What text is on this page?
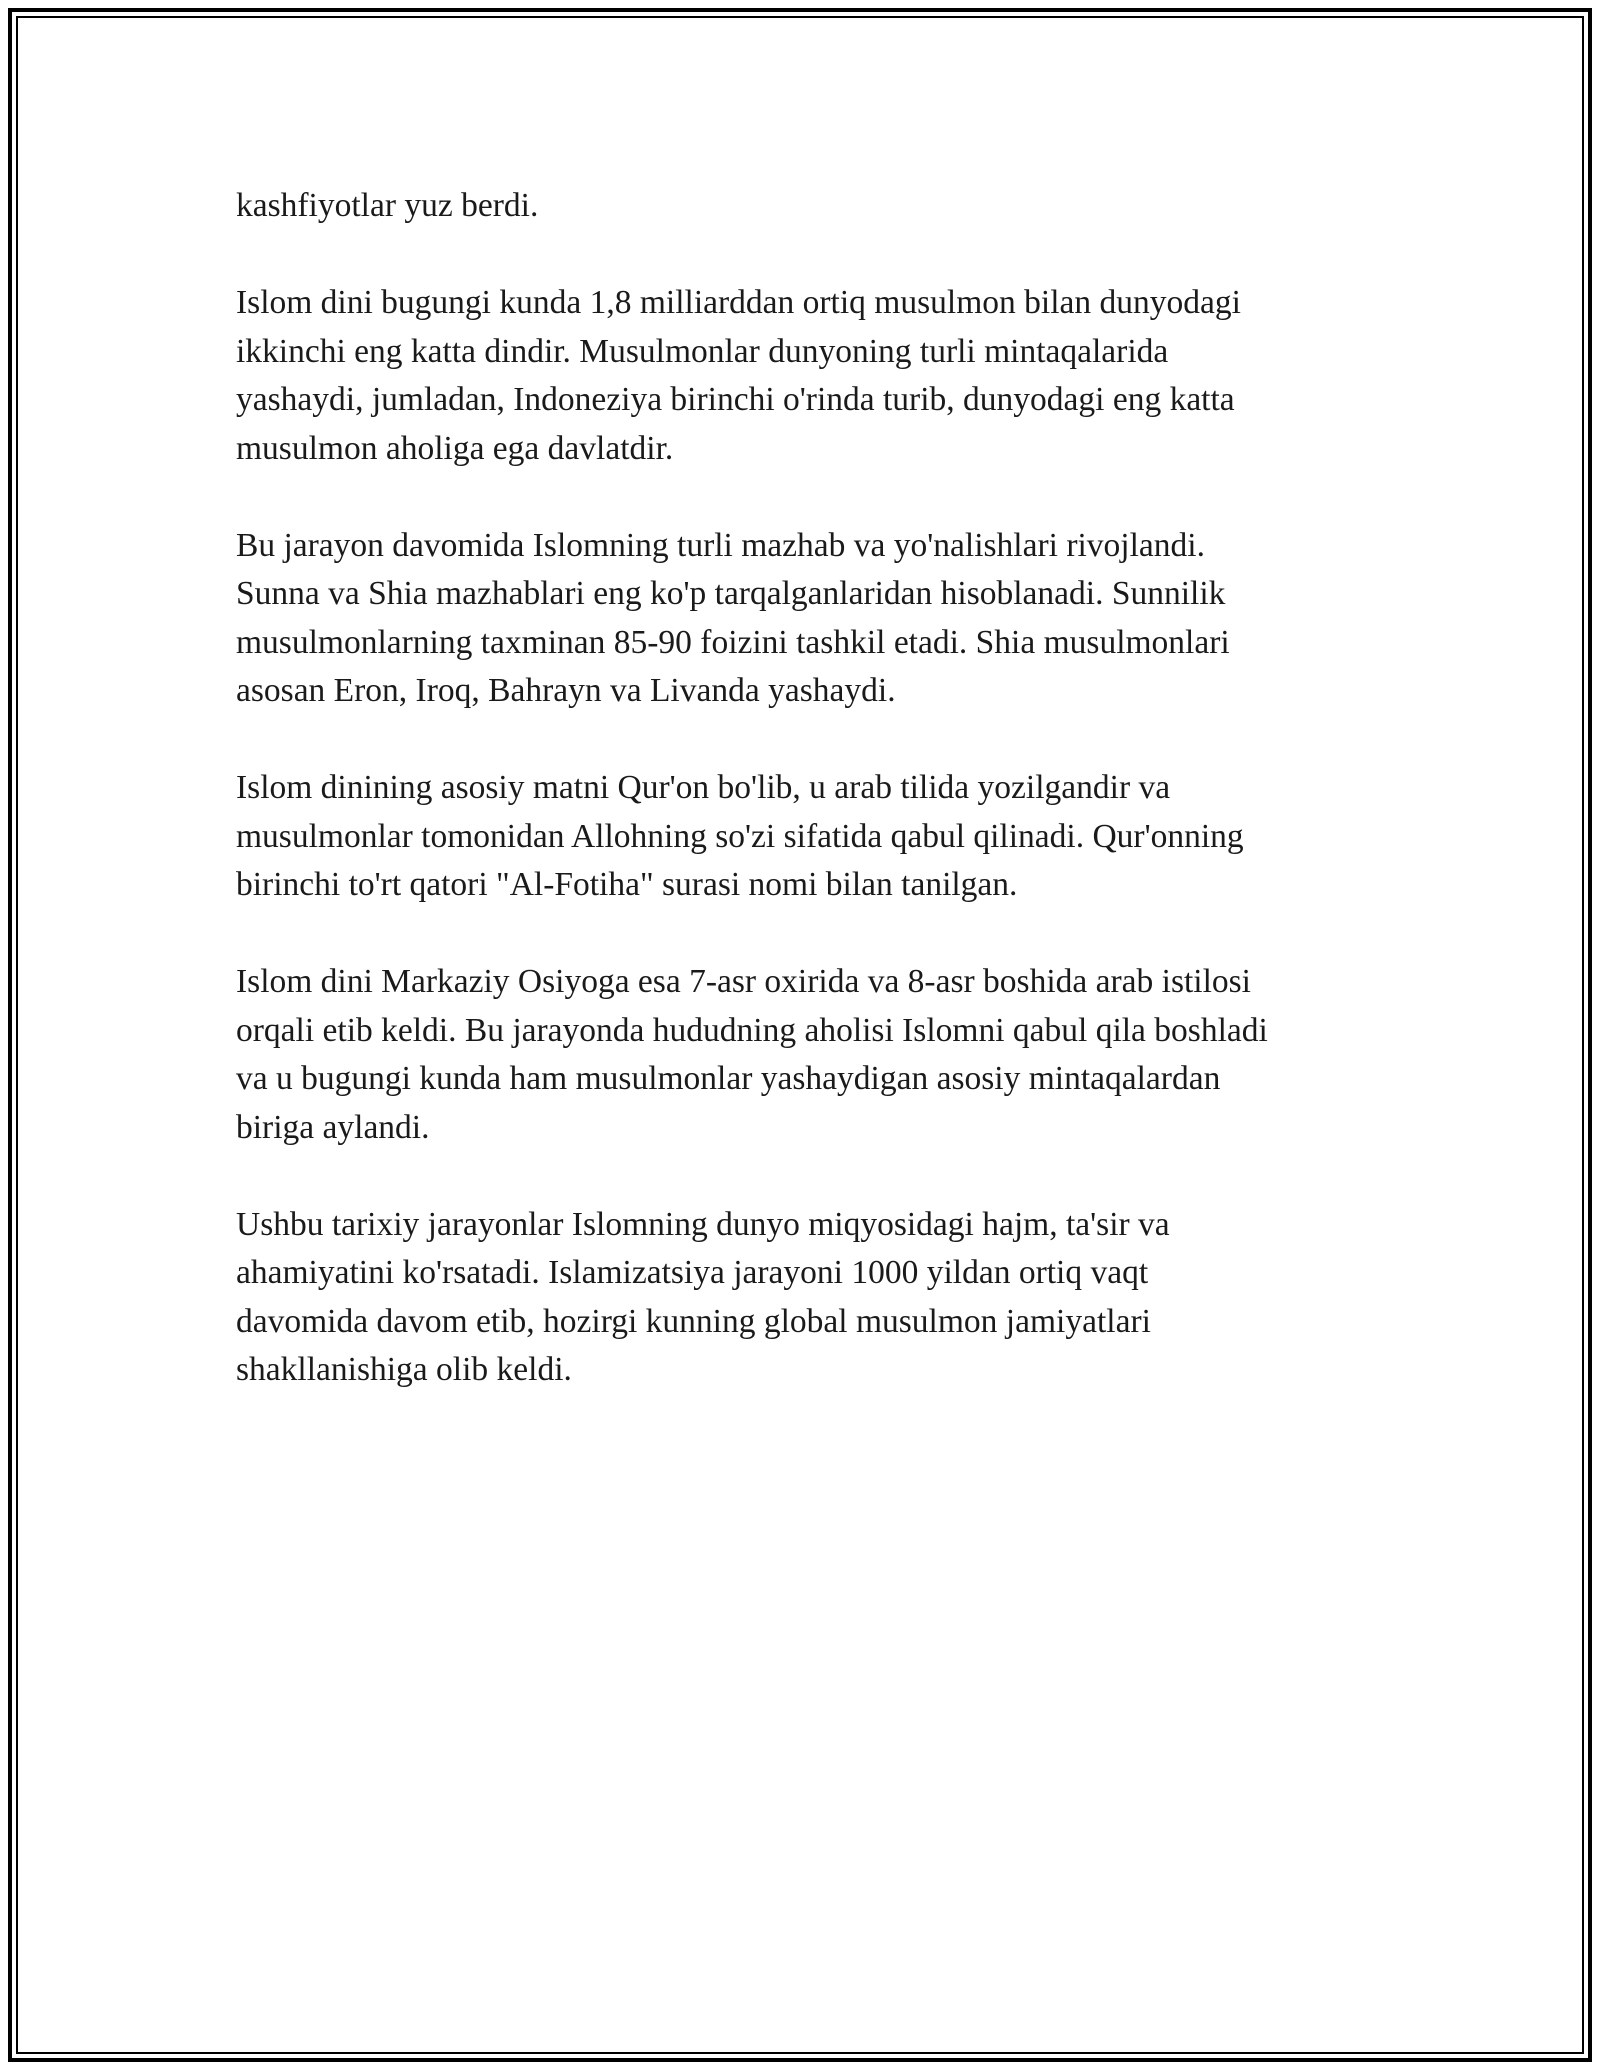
kashfiyotlar yuz berdi.

Islom dini bugungi kunda 1,8 milliarddan ortiq musulmon bilan dunyodagi
ikkinchi eng katta dindir. Musulmonlar dunyoning turli mintaqalarida
yashaydi, jumladan, Indoneziya birinchi o'rinda turib, dunyodagi eng katta
musulmon aholiga ega davlatdir.

Bu jarayon davomida Islomning turli mazhab va yo'nalishlari rivojlandi.
Sunna va Shia mazhablari eng ko'p tarqalganlaridan hisoblanadi. Sunnilik
musulmonlarning taxminan 85-90 foizini tashkil etadi. Shia musulmonlari
asosan Eron, Iroq, Bahrayn va Livanda yashaydi.

Islom dinining asosiy matni Qur'on bo'lib, u arab tilida yozilgandir va
musulmonlar tomonidan Allohning so'zi sifatida qabul qilinadi. Qur'onning
birinchi to'rt qatori "Al-Fotiha" surasi nomi bilan tanilgan.

Islom dini Markaziy Osiyoga esa 7-asr oxirida va 8-asr boshida arab istilosi
orqali etib keldi. Bu jarayonda hududning aholisi Islomni qabul qila boshladi
va u bugungi kunda ham musulmonlar yashaydigan asosiy mintaqalardan
biriga aylandi.

Ushbu tarixiy jarayonlar Islomning dunyo miqyosidagi hajm, ta'sir va
ahamiyatini ko'rsatadi. Islamizatsiya jarayoni 1000 yildan ortiq vaqt
davomida davom etib, hozirgi kunning global musulmon jamiyatlari
shakllanishiga olib keldi.
